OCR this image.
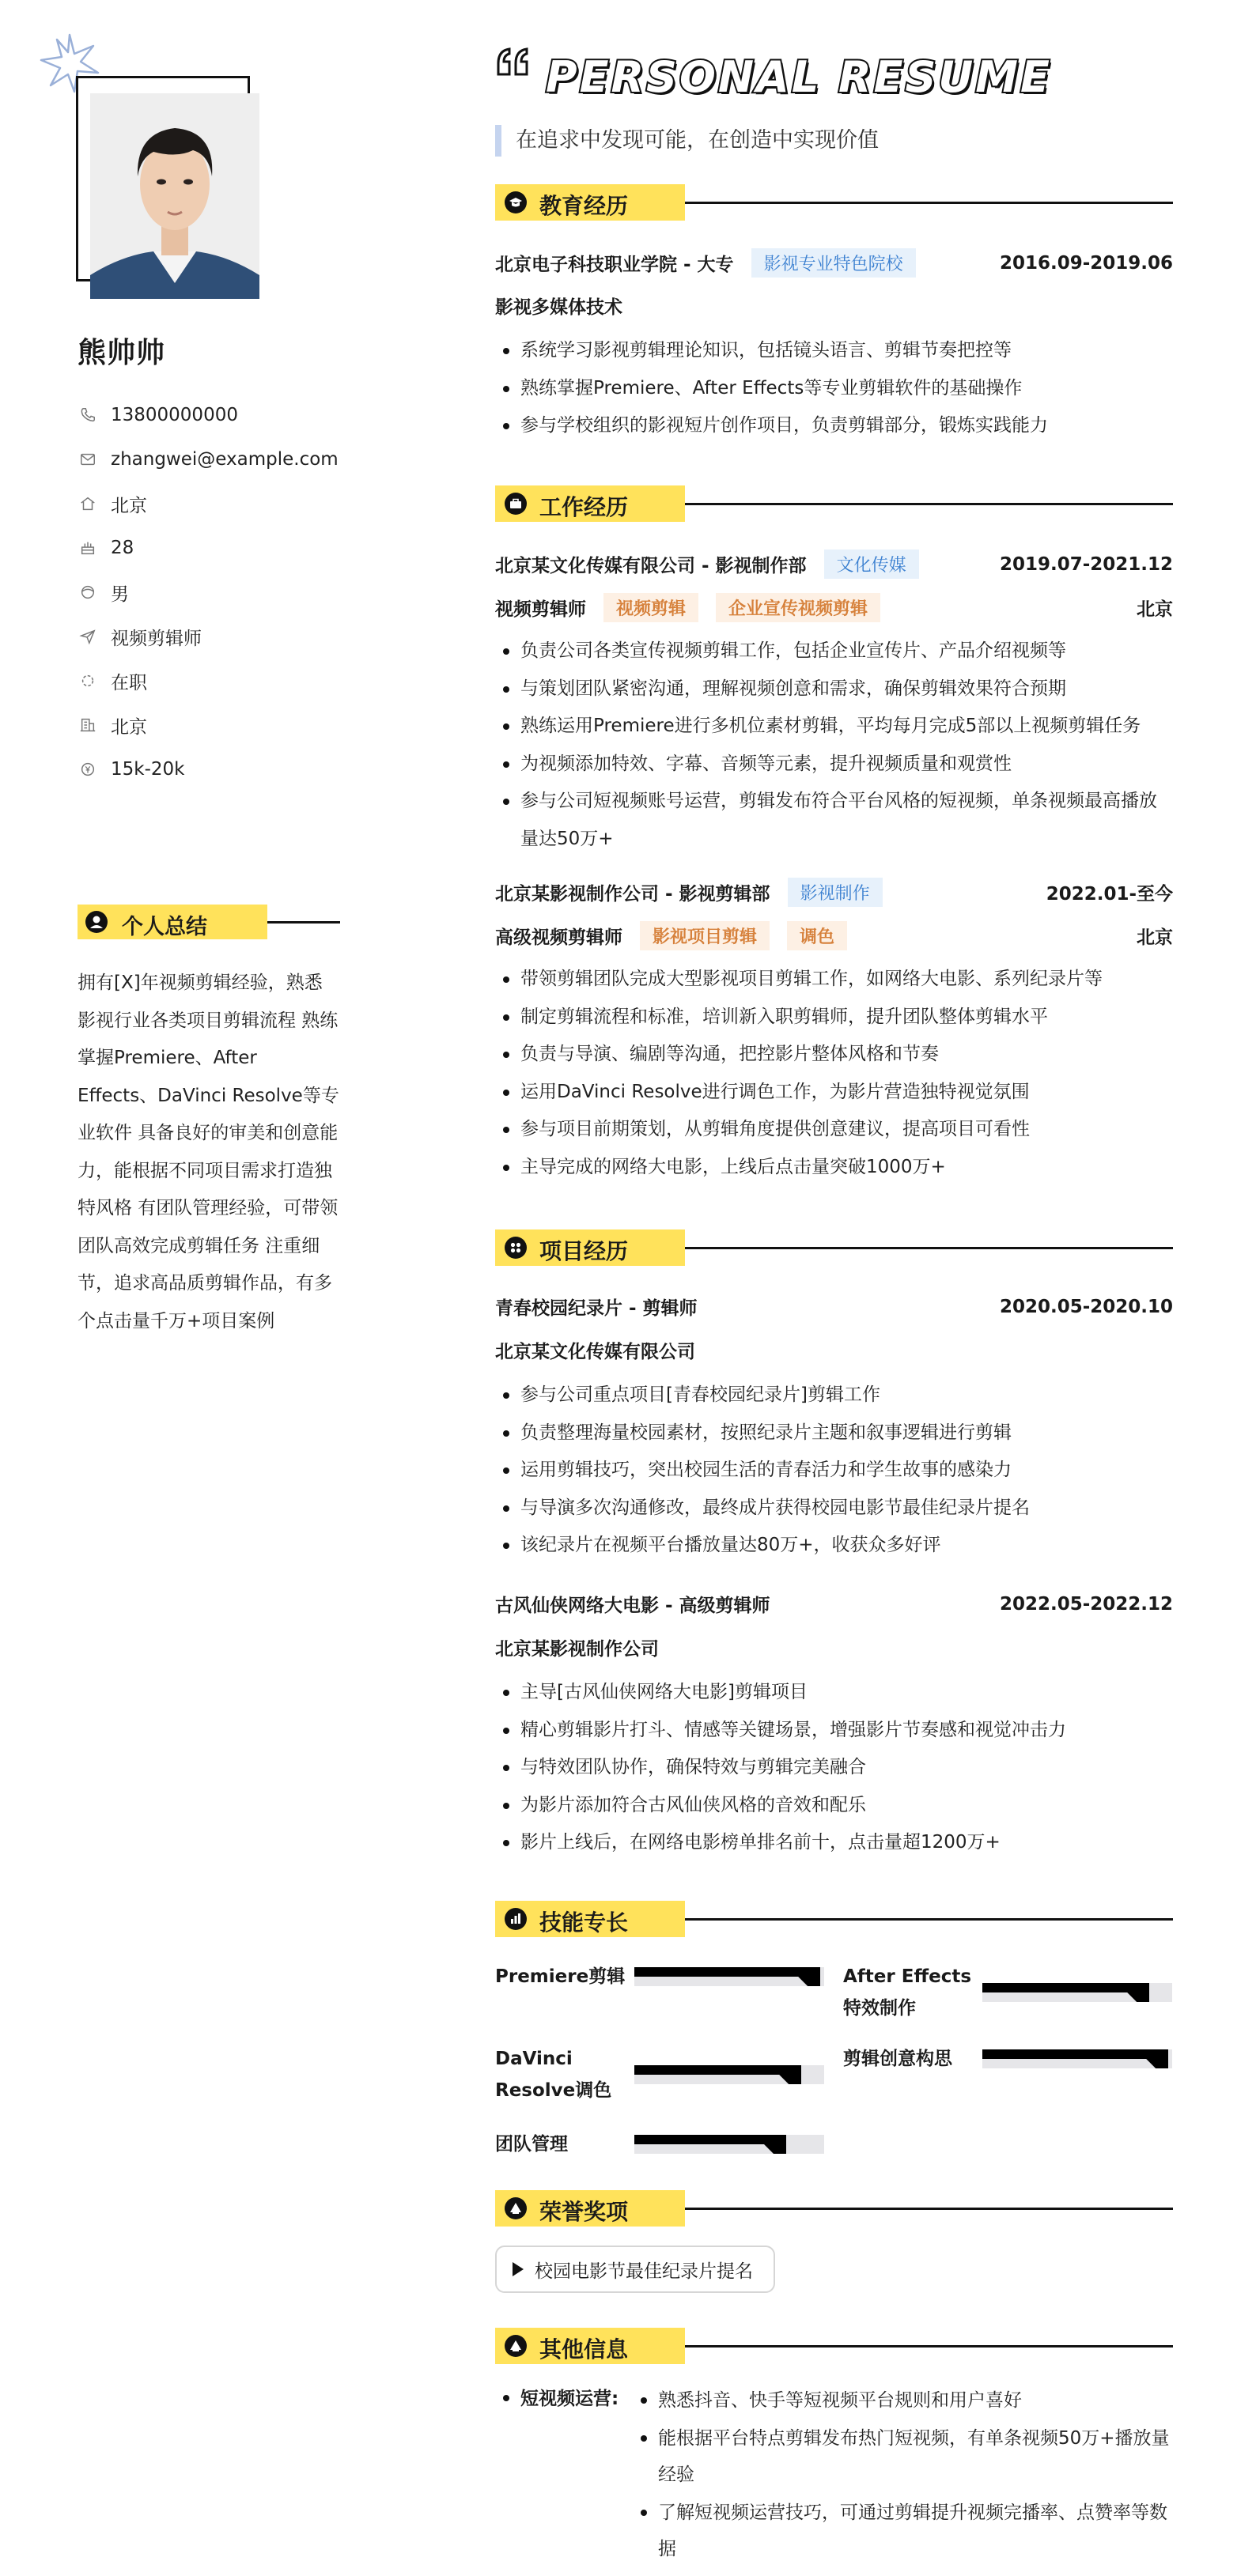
熊帅帅
13800000000
zhangwei@example.com
北京
28
男
视频剪辑师
在职
北京
15k-20k
个人总结
拥有[X]年视频剪辑经验，熟悉影视行业各类项目剪辑流程 熟练掌握Premiere、After Effects、DaVinci Resolve等专业软件 具备良好的审美和创意能力，能根据不同项目需求打造独特风格 有团队管理经验，可带领团队高效完成剪辑任务 注重细节，追求高品质剪辑作品，有多个点击量千万+项目案例
PERSONAL RESUME
在追求中发现可能，在创造中实现价值
教育经历
北京电子科技职业学院 - 大专	影视专业特色院校	2016.09-2019.06
影视多媒体技术
系统学习影视剪辑理论知识，包括镜头语言、剪辑节奏把控等
熟练掌握Premiere、After Effects等专业剪辑软件的基础操作
参与学校组织的影视短片创作项目，负责剪辑部分，锻炼实践能力
工作经历
北京某文化传媒有限公司 - 影视制作部	文化传媒	2019.07-2021.12
视频剪辑师	视频剪辑	企业宣传视频剪辑	北京
负责公司各类宣传视频剪辑工作，包括企业宣传片、产品介绍视频等
与策划团队紧密沟通，理解视频创意和需求，确保剪辑效果符合预期
熟练运用Premiere进行多机位素材剪辑，平均每月完成5部以上视频剪辑任务
为视频添加特效、字幕、音频等元素，提升视频质量和观赏性
参与公司短视频账号运营，剪辑发布符合平台风格的短视频，单条视频最高播放量达50万+
北京某影视制作公司 - 影视剪辑部	影视制作	2022.01-至今
高级视频剪辑师	影视项目剪辑	调色	北京
带领剪辑团队完成大型影视项目剪辑工作，如网络大电影、系列纪录片等
制定剪辑流程和标准，培训新入职剪辑师，提升团队整体剪辑水平
负责与导演、编剧等沟通，把控影片整体风格和节奏
运用DaVinci Resolve进行调色工作，为影片营造独特视觉氛围
参与项目前期策划，从剪辑角度提供创意建议，提高项目可看性
主导完成的网络大电影，上线后点击量突破1000万+
项目经历
青春校园纪录片 - 剪辑师	2020.05-2020.10
北京某文化传媒有限公司
参与公司重点项目[青春校园纪录片]剪辑工作
负责整理海量校园素材，按照纪录片主题和叙事逻辑进行剪辑
运用剪辑技巧，突出校园生活的青春活力和学生故事的感染力
与导演多次沟通修改，最终成片获得校园电影节最佳纪录片提名
该纪录片在视频平台播放量达80万+，收获众多好评
古风仙侠网络大电影 - 高级剪辑师	2022.05-2022.12
北京某影视制作公司
主导[古风仙侠网络大电影]剪辑项目
精心剪辑影片打斗、情感等关键场景，增强影片节奏感和视觉冲击力
与特效团队协作，确保特效与剪辑完美融合
为影片添加符合古风仙侠风格的音效和配乐
影片上线后，在网络电影榜单排名前十，点击量超1200万+
技能专长
Premiere剪辑	After Effects特效制作
DaVinci Resolve调色
剪辑创意构思
团队管理
荣誉奖项
校园电影节最佳纪录片提名
其他信息
短视频运营:	熟悉抖音、快手等短视频平台规则和用户喜好
能根据平台特点剪辑发布热门短视频，有单条视频50万+播放量经验
了解短视频运营技巧，可通过剪辑提升视频完播率、点赞率等数据
